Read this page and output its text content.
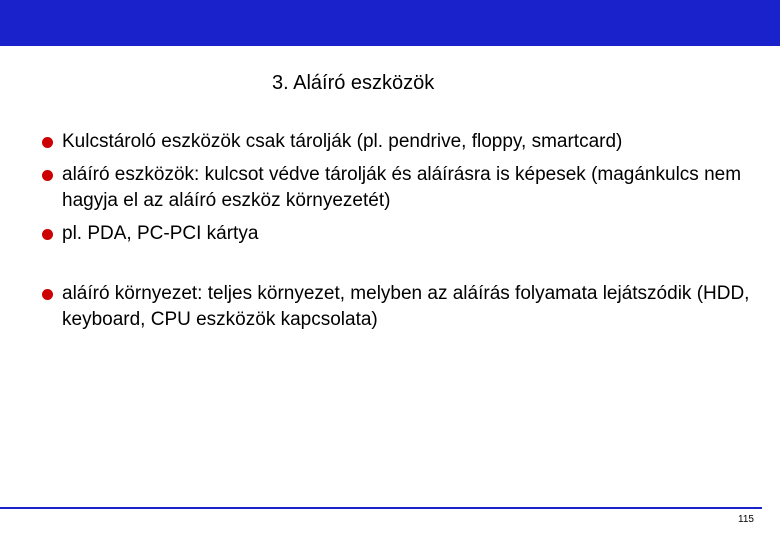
3. Aláíró eszközök
Kulcstároló eszközök csak tárolják (pl. pendrive, floppy, smartcard)
aláíró eszközök: kulcsot védve tárolják és aláírásra is képesek (magánkulcs nem hagyja el az aláíró eszköz környezetét)
pl. PDA, PC-PCI kártya
aláíró környezet: teljes környezet, melyben az aláírás folyamata lejátszódik (HDD, keyboard, CPU eszközök kapcsolata)
115
